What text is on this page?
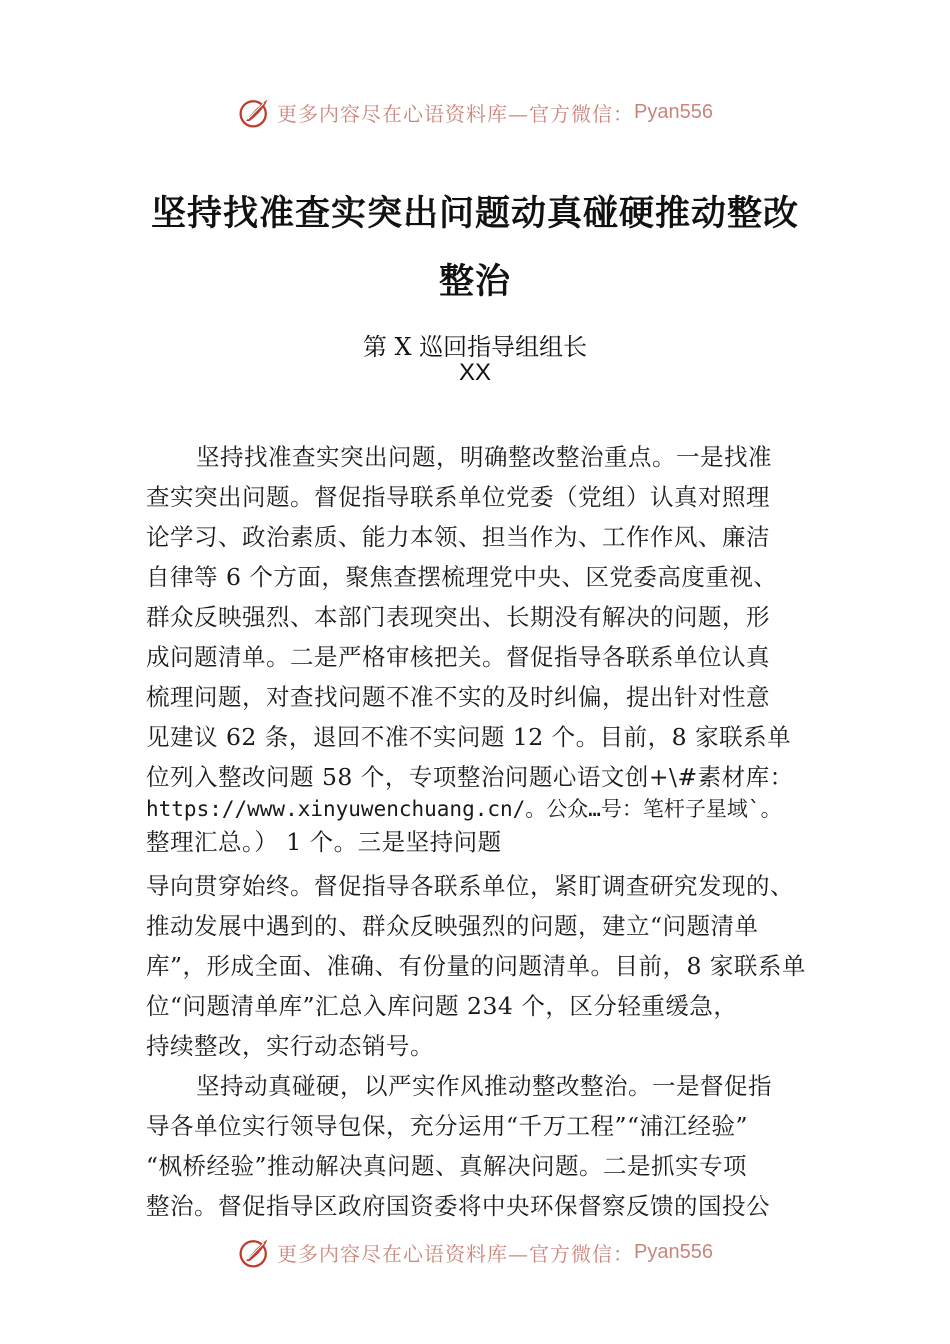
更多内容尽在心语资料库—官方微信： Pyan556
坚持找准查实突出问题动真碰硬推动整改
整治
第 X 巡回指导组组长
XX
坚持找准查实突出问题，明确整改整治重点。一是找准
查实突出问题。督促指导联系单位党委（党组）认真对照理
论学习、政治素质、能力本领、担当作为、工作作风、廉洁
自律等 6 个方面，聚焦查摆梳理党中央、区党委高度重视、
群众反映强烈、本部门表现突出、长期没有解决的问题，形
成问题清单。二是严格审核把关。督促指导各联系单位认真
梳理问题，对查找问题不准不实的及时纠偏，提出针对性意
见建议 62 条，退回不准不实问题 12 个。目前，8 家联系单
位列入整改问题 58 个，专项整治问题心语文创+\#素材库：
https://www.xinyuwenchuang.cn/。公众…号：笔杆子星域`。
整理汇总。） 1 个。三是坚持问题
导向贯穿始终。督促指导各联系单位，紧盯调查研究发现的、
推动发展中遇到的、群众反映强烈的问题，建立“问题清单
库”，形成全面、准确、有份量的问题清单。目前，8 家联系单
位“问题清单库”汇总入库问题 234 个，区分轻重缓急，
持续整改，实行动态销号。
坚持动真碰硬，以严实作风推动整改整治。一是督促指
导各单位实行领导包保，充分运用“千万工程”“浦江经验”
“枫桥经验”推动解决真问题、真解决问题。二是抓实专项
整治。督促指导区政府国资委将中央环保督察反馈的国投公
更多内容尽在心语资料库—官方微信： Pyan556
